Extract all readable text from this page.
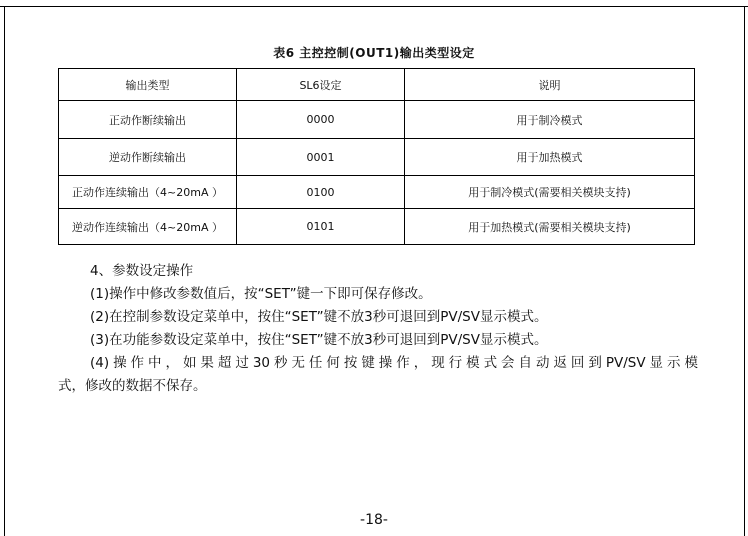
表6 主控控制(OUT1)输出类型设定
输出类型	SL6设定	说明
正动作断续输出	0000	用于制冷模式
逆动作断续输出	0001	用于加热模式
正动作连续输出（4~20mA ）	0100	用于制冷模式(需要相关模块支持)
逆动作连续输出（4~20mA ）	0101	用于加热模式(需要相关模块支持)

4、参数设定操作

(1)操作中修改参数值后，按“SET”键一下即可保存修改。

(2)在控制参数设定菜单中，按住“SET”键不放3秒可退回到PV/SV显示模式。

(3)在功能参数设定菜单中，按住“SET”键不放3秒可退回到PV/SV显示模式。

(4)操作中，如果超过30秒无任何按键操作，现行模式会自动返回到PV/SV显示模

式，修改的数据不保存。

-18-
